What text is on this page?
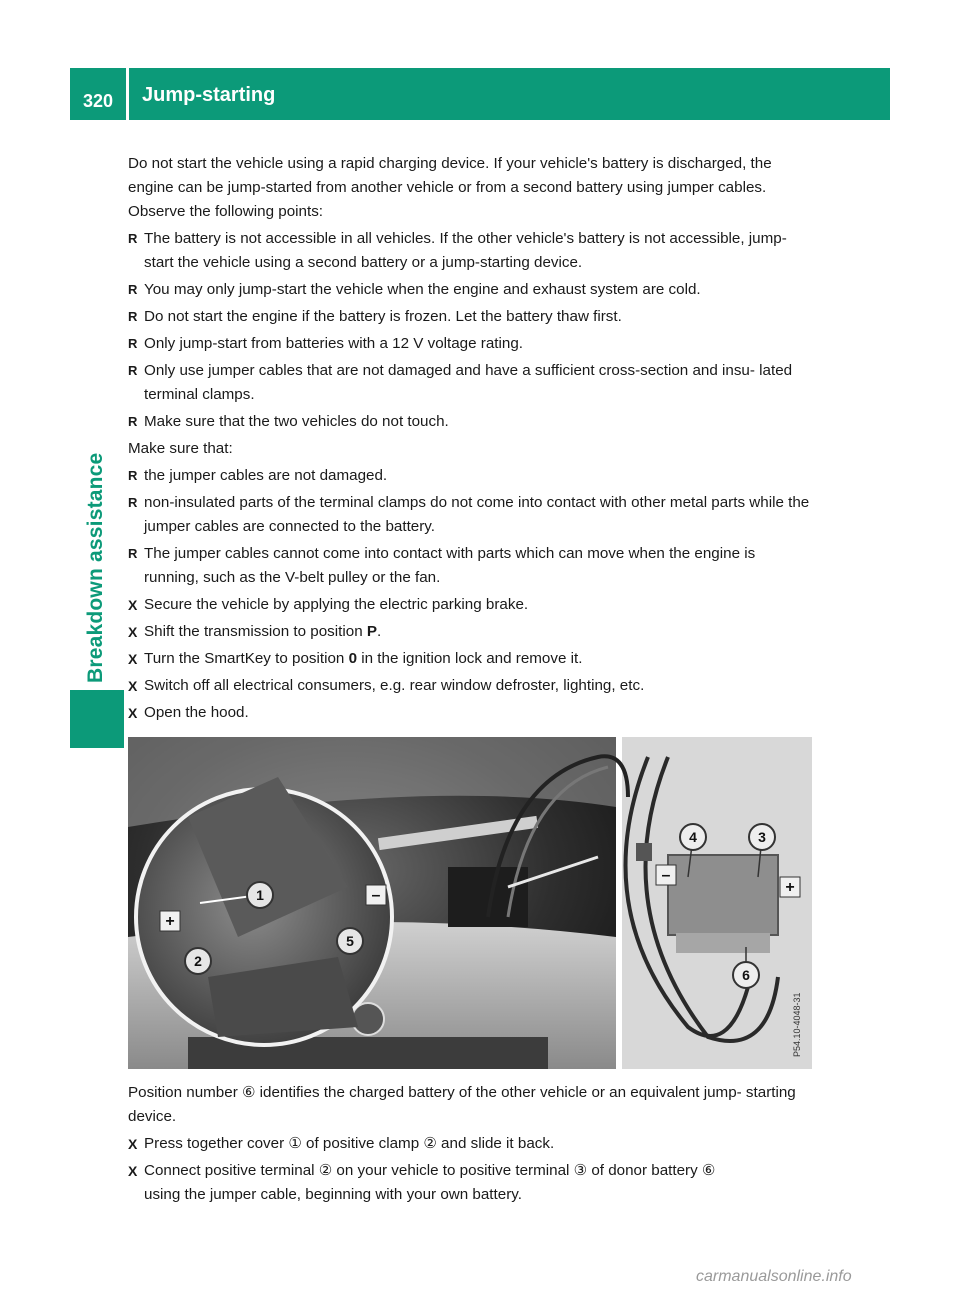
320	Jump-starting
Breakdown assistance

Do not start the vehicle using a rapid charging device. If your vehicle's battery is discharged, the engine can be jump-started from another vehicle or from a second battery using jumper cables. Observe the following points:

R The battery is not accessible in all vehicles. If the other vehicle's battery is not accessible, jump-start the vehicle using a second battery or a jump-starting device.
R You may only jump-start the vehicle when the engine and exhaust system are cold.
R Do not start the engine if the battery is frozen. Let the battery thaw first.
R Only jump-start from batteries with a 12 V voltage rating.
R Only use jumper cables that are not damaged and have a sufficient cross-section and insu- lated terminal clamps.
R Make sure that the two vehicles do not touch.

Make sure that:

R the jumper cables are not damaged.
R non-insulated parts of the terminal clamps do not come into contact with other metal parts while the jumper cables are connected to the battery.
R The jumper cables cannot come into contact with parts which can move when the engine is running, such as the V-belt pulley or the fan.
X Secure the vehicle by applying the electric parking brake.
X Shift the transmission to position P.
X Turn the SmartKey to position 0 in the ignition lock and remove it.
X Switch off all electrical consumers, e.g. rear window defroster, lighting, etc.
X Open the hood.
1
2
5
4	3
6
+
–
–
+
P54.10-4048-31

Position number ⑥ identifies the charged battery of the other vehicle or an equivalent jump- starting device.

X Press together cover ① of positive clamp ② and slide it back.
X Connect positive terminal ② on your vehicle to positive terminal ③ of donor battery ⑥
using the jumper cable, beginning with your own battery.
carmanualsonline.info
